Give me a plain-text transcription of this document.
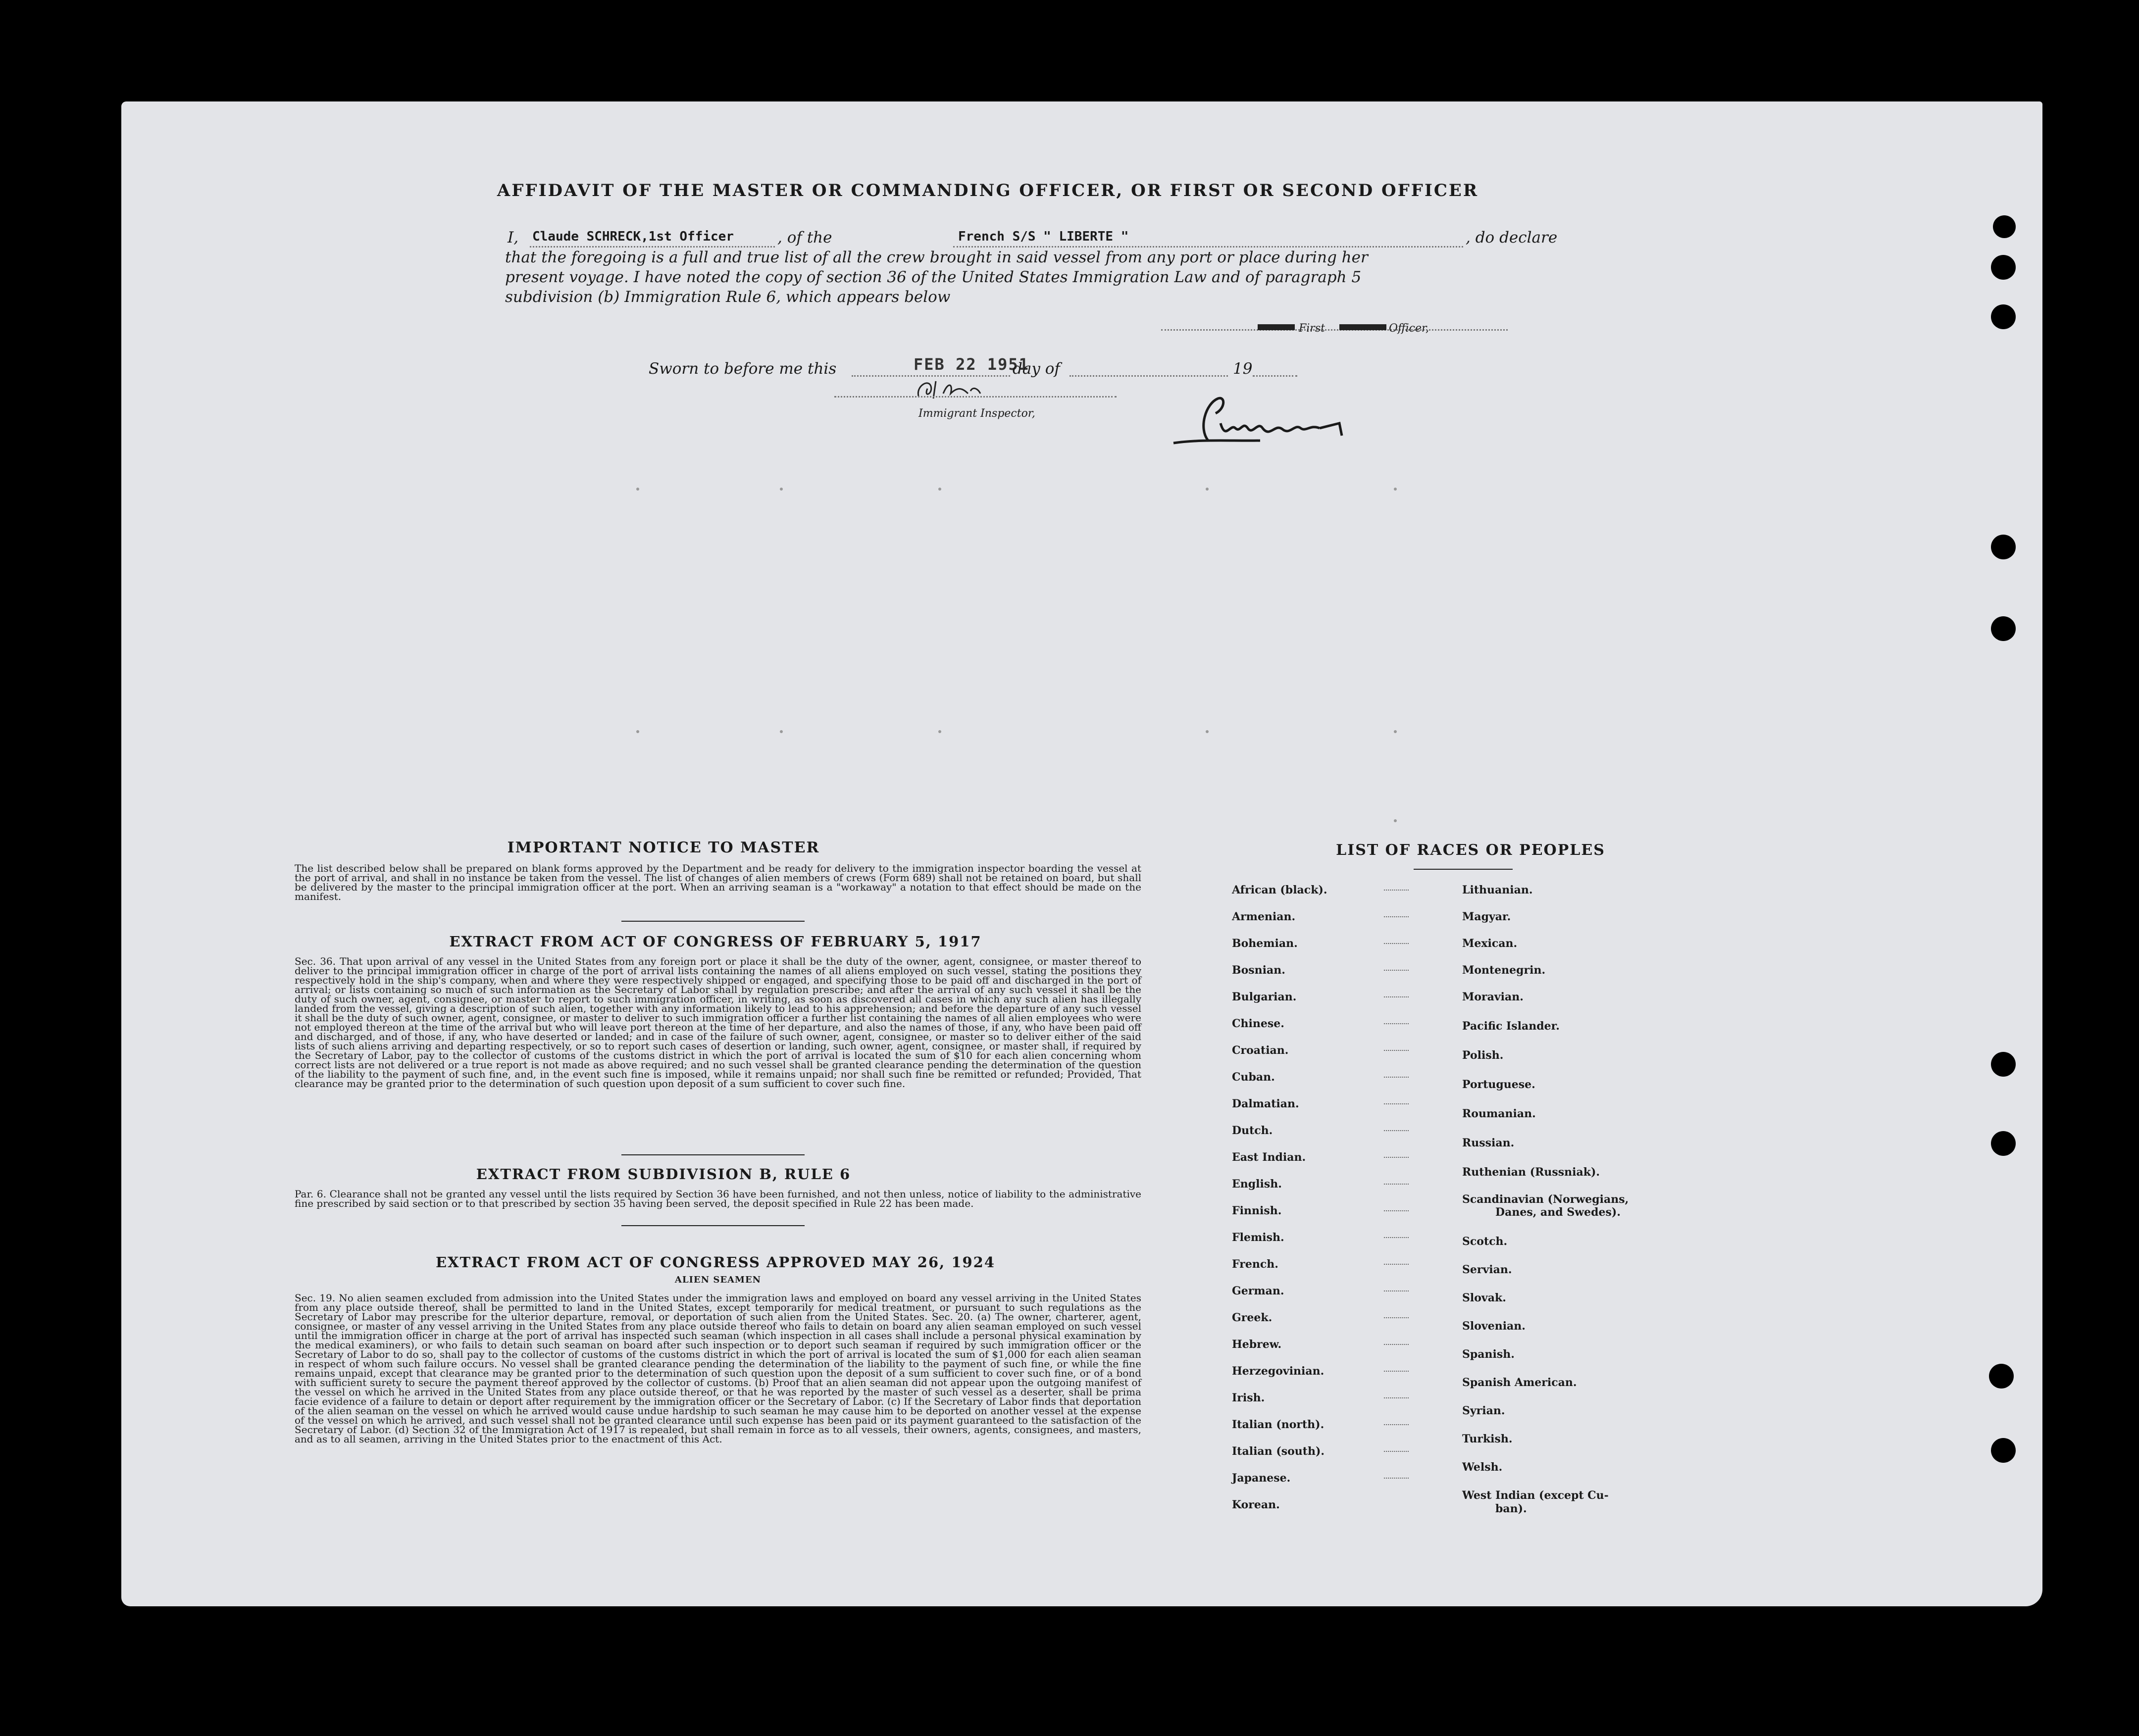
AFFIDAVIT OF THE MASTER OR COMMANDING OFFICER, OR FIRST OR SECOND OFFICER
I, Claude SCHRECK,1st Officer	, of the	French S/S " LIBERTE "	, do declare
that the foregoing is a full and true list of all the crew brought in said vessel from any port or place during her
present voyage. I have noted the copy of section 36 of the United States Immigration Law and of paragraph 5
subdivision (b) Immigration Rule 6, which appears below
First	Officer,
Sworn to before me this	FEB 22 1951
day of	19
Immigrant Inspector,
IMPORTANT NOTICE TO MASTER
The list described below shall be prepared on blank forms approved by the Department and be ready for delivery to the immigration inspector boarding the vessel at the port of arrival, and shall in no instance be taken from the vessel. The list of changes of alien members of crews (Form 689) shall not be retained on board, but shall be delivered by the master to the principal immigration officer at the port. When an arriving seaman is a "workaway" a notation to that effect should be made on the manifest.
EXTRACT FROM ACT OF CONGRESS OF FEBRUARY 5, 1917
Sec. 36. That upon arrival of any vessel in the United States from any foreign port or place it shall be the duty of the owner, agent, consignee, or master thereof to deliver to the principal immigration officer in charge of the port of arrival lists containing the names of all aliens employed on such vessel, stating the positions they respectively hold in the ship's company, when and where they were respectively shipped or engaged, and specifying those to be paid off and discharged in the port of arrival; or lists containing so much of such information as the Secretary of Labor shall by regulation prescribe; and after the arrival of any such vessel it shall be the duty of such owner, agent, consignee, or master to report to such immigration officer, in writing, as soon as discovered all cases in which any such alien has illegally landed from the vessel, giving a description of such alien, together with any information likely to lead to his apprehension; and before the departure of any such vessel it shall be the duty of such owner, agent, consignee, or master to deliver to such immigration officer a further list containing the names of all alien employees who were not employed thereon at the time of the arrival but who will leave port thereon at the time of her departure, and also the names of those, if any, who have been paid off and discharged, and of those, if any, who have deserted or landed; and in case of the failure of such owner, agent, consignee, or master so to deliver either of the said lists of such aliens arriving and departing respectively, or so to report such cases of desertion or landing, such owner, agent, consignee, or master shall, if required by the Secretary of Labor, pay to the collector of customs of the customs district in which the port of arrival is located the sum of $10 for each alien concerning whom correct lists are not delivered or a true report is not made as above required; and no such vessel shall be granted clearance pending the determination of the question of the liability to the payment of such fine, and, in the event such fine is imposed, while it remains unpaid; nor shall such fine be remitted or refunded; Provided, That clearance may be granted prior to the determination of such question upon deposit of a sum sufficient to cover such fine.
EXTRACT FROM SUBDIVISION B, RULE 6
Par. 6. Clearance shall not be granted any vessel until the lists required by Section 36 have been furnished, and not then unless, notice of liability to the administrative fine prescribed by said section or to that prescribed by section 35 having been served, the deposit specified in Rule 22 has been made.
EXTRACT FROM ACT OF CONGRESS APPROVED MAY 26, 1924
ALIEN SEAMEN
Sec. 19. No alien seamen excluded from admission into the United States under the immigration laws and employed on board any vessel arriving in the United States from any place outside thereof, shall be permitted to land in the United States, except temporarily for medical treatment, or pursuant to such regulations as the Secretary of Labor may prescribe for the ulterior departure, removal, or deportation of such alien from the United States. Sec. 20. (a) The owner, charterer, agent, consignee, or master of any vessel arriving in the United States from any place outside thereof who fails to detain on board any alien seaman employed on such vessel until the immigration officer in charge at the port of arrival has inspected such seaman (which inspection in all cases shall include a personal physical examination by the medical examiners), or who fails to detain such seaman on board after such inspection or to deport such seaman if required by such immigration officer or the Secretary of Labor to do so, shall pay to the collector of customs of the customs district in which the port of arrival is located the sum of $1,000 for each alien seaman in respect of whom such failure occurs. No vessel shall be granted clearance pending the determination of the liability to the payment of such fine, or while the fine remains unpaid, except that clearance may be granted prior to the determination of such question upon the deposit of a sum sufficient to cover such fine, or of a bond with sufficient surety to secure the payment thereof approved by the collector of customs. (b) Proof that an alien seaman did not appear upon the outgoing manifest of the vessel on which he arrived in the United States from any place outside thereof, or that he was reported by the master of such vessel as a deserter, shall be prima facie evidence of a failure to detain or deport after requirement by the immigration officer or the Secretary of Labor. (c) If the Secretary of Labor finds that deportation of the alien seaman on the vessel on which he arrived would cause undue hardship to such seaman he may cause him to be deported on another vessel at the expense of the vessel on which he arrived, and such vessel shall not be granted clearance until such expense has been paid or its payment guaranteed to the satisfaction of the Secretary of Labor. (d) Section 32 of the Immigration Act of 1917 is repealed, but shall remain in force as to all vessels, their owners, agents, consignees, and masters, and as to all seamen, arriving in the United States prior to the enactment of this Act.
LIST OF RACES OR PEOPLES
African (black).
Armenian.
Bohemian.
Bosnian.
Bulgarian.
Chinese.
Croatian.
Cuban.
Dalmatian.
Dutch.
East Indian.
English.
Finnish.
Flemish.
French.
German.
Greek.
Hebrew.
Herzegovinian.
Irish.
Italian (north).
Italian (south).
Japanese.
Korean.
Lithuanian.
Magyar.
Mexican.
Montenegrin.
Moravian.
Pacific Islander.
Polish.
Portuguese.
Roumanian.
Russian.
Ruthenian (Russniak).
Scandinavian (Norwegians,
Danes, and Swedes).
Scotch.
Servian.
Slovak.
Slovenian.
Spanish.
Spanish American.
Syrian.
Turkish.
Welsh.
West Indian (except Cu-
ban).
